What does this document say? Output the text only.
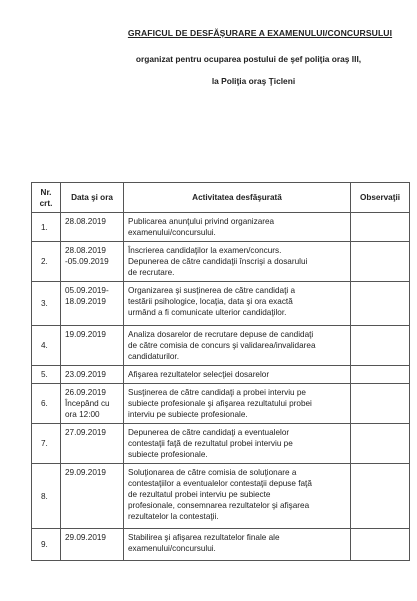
GRAFICUL DE DESFĂŞURARE A EXAMENULUI/CONCURSULUI
organizat pentru ocuparea postului de şef poliţia oraş III,
la Poliţia oraş Ţicleni
Nr.
crt.	Data şi ora	Activitatea desfăşurată	Observaţii
1.	28.08.2019	Publicarea anunţului privind organizarea
examenului/concursului.	
2.	28.08.2019
-05.09.2019	Înscrierea candidaţilor la examen/concurs.
Depunerea de către candidaţii înscrişi a dosarului
de recrutare.	
3.	05.09.2019-
18.09.2019	Organizarea şi susţinerea de către candidaţi a
testării psihologice, locaţia, data şi ora exactă
urmând a fi comunicate ulterior candidaţilor.	
4.	19.09.2019	Analiza dosarelor de recrutare depuse de candidaţi
de către comisia de concurs şi validarea/invalidarea
candidaturilor.	
5.	23.09.2019	Afişarea rezultatelor selecţiei dosarelor	
6.	26.09.2019
Începând cu
ora 12:00	Susţinerea de către candidaţi a probei interviu pe
subiecte profesionale şi afişarea rezultatului probei
interviu pe subiecte profesionale.	
7.	27.09.2019	Depunerea de către candidaţi a eventualelor
contestaţii faţă de rezultatul probei interviu pe
subiecte profesionale.	
8.	29.09.2019	Soluţionarea de către comisia de soluţionare a
contestaţiilor a eventualelor contestaţii depuse faţă
de rezultatul probei interviu pe subiecte
profesionale, consemnarea rezultatelor şi afişarea
rezultatelor la contestaţii.	
9.	29.09.2019	Stabilirea şi afişarea rezultatelor finale ale
examenului/concursului.	
